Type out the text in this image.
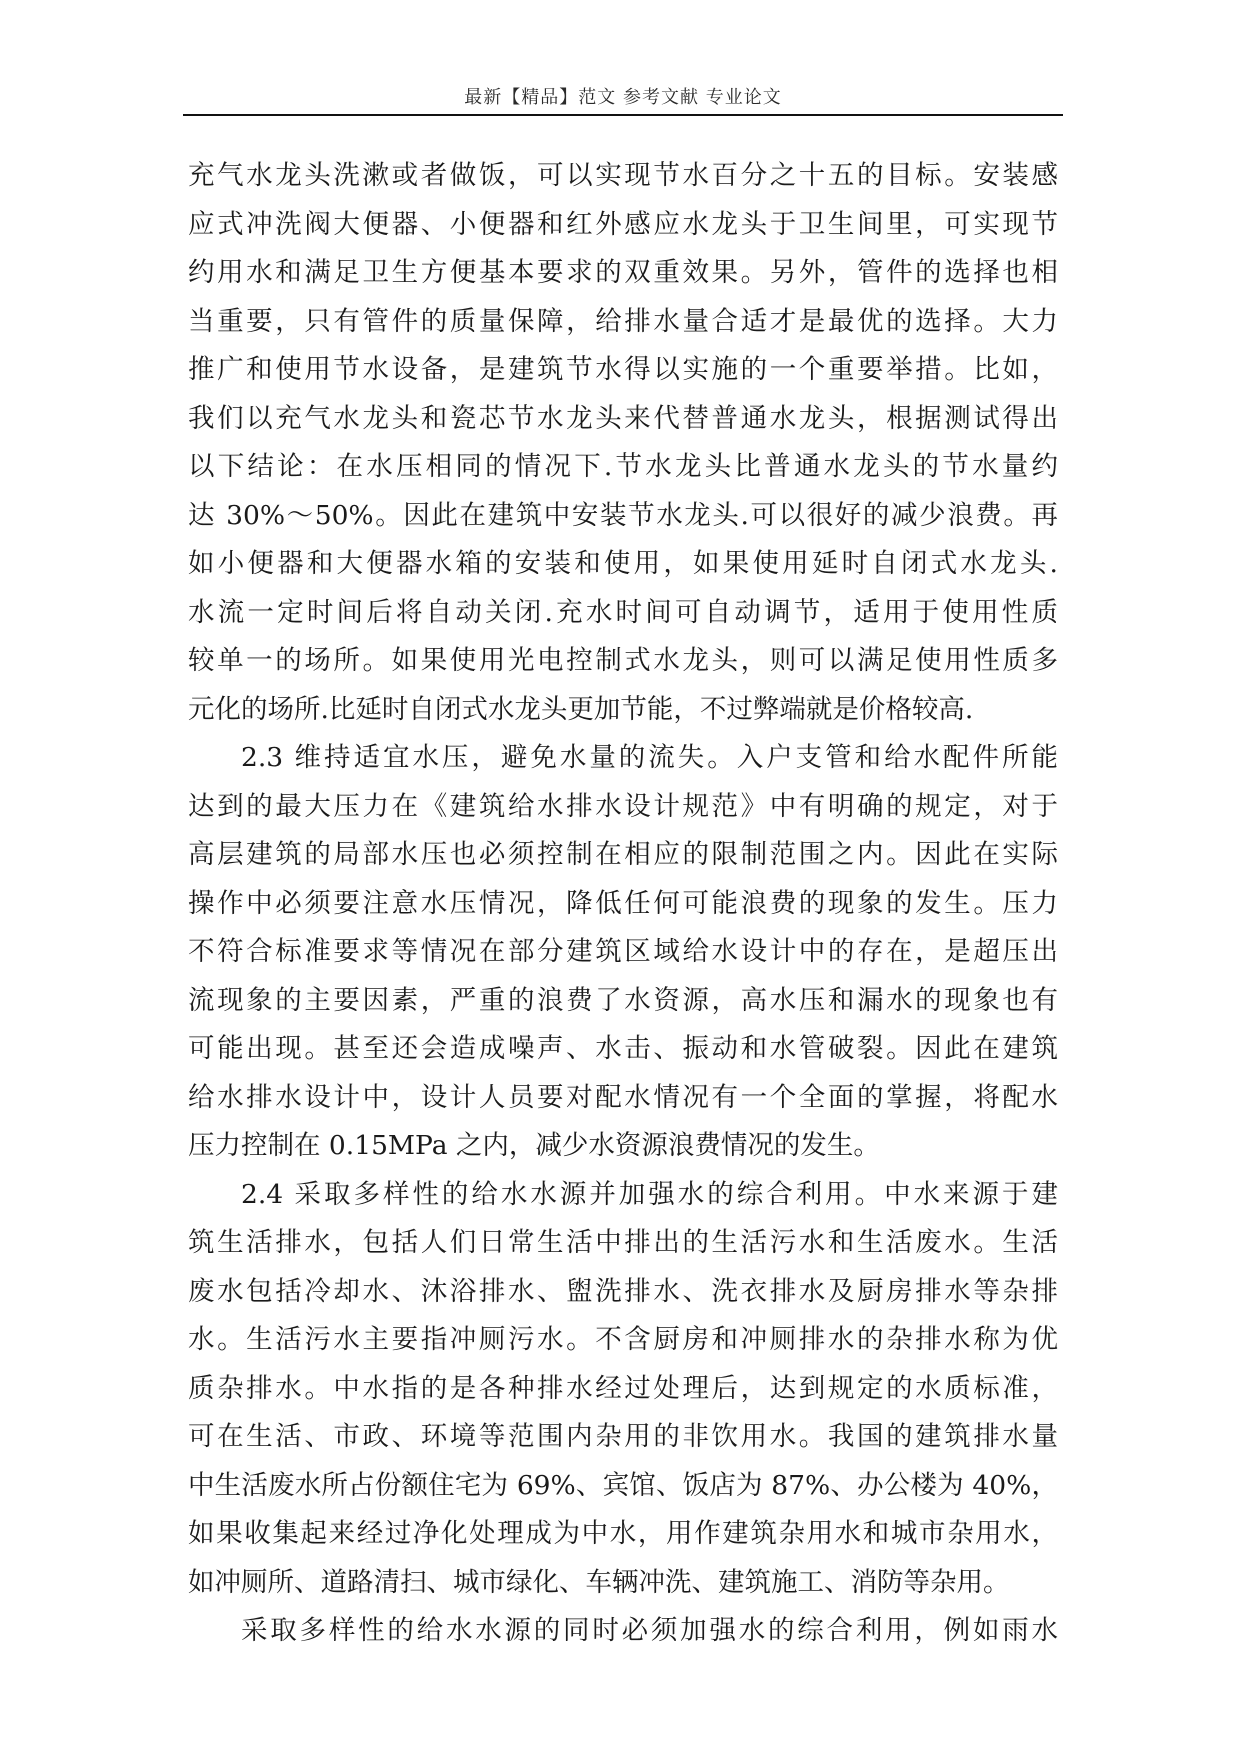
最新【精品】范文 参考文献 专业论文
充气水龙头洗漱或者做饭，可以实现节水百分之十五的目标。安装感
应式冲洗阀大便器、小便器和红外感应水龙头于卫生间里，可实现节
约用水和满足卫生方便基本要求的双重效果。另外，管件的选择也相
当重要，只有管件的质量保障，给排水量合适才是最优的选择。大力
推广和使用节水设备，是建筑节水得以实施的一个重要举措。比如，
我们以充气水龙头和瓷芯节水龙头来代替普通水龙头，根据测试得出
以下结论：在水压相同的情况下.节水龙头比普通水龙头的节水量约
达 30%～50%。因此在建筑中安装节水龙头.可以很好的减少浪费。再
如小便器和大便器水箱的安装和使用，如果使用延时自闭式水龙头.
水流一定时间后将自动关闭.充水时间可自动调节，适用于使用性质
较单一的场所。如果使用光电控制式水龙头，则可以满足使用性质多
元化的场所.比延时自闭式水龙头更加节能，不过弊端就是价格较高.
2.3 维持适宜水压，避免水量的流失。入户支管和给水配件所能
达到的最大压力在《建筑给水排水设计规范》中有明确的规定，对于
高层建筑的局部水压也必须控制在相应的限制范围之内。因此在实际
操作中必须要注意水压情况，降低任何可能浪费的现象的发生。压力
不符合标准要求等情况在部分建筑区域给水设计中的存在，是超压出
流现象的主要因素，严重的浪费了水资源，高水压和漏水的现象也有
可能出现。甚至还会造成噪声、水击、振动和水管破裂。因此在建筑
给水排水设计中，设计人员要对配水情况有一个全面的掌握，将配水
压力控制在 0.15MPa 之内，减少水资源浪费情况的发生。
2.4 采取多样性的给水水源并加强水的综合利用。中水来源于建
筑生活排水，包括人们日常生活中排出的生活污水和生活废水。生活
废水包括冷却水、沐浴排水、盥洗排水、洗衣排水及厨房排水等杂排
水。生活污水主要指冲厕污水。不含厨房和冲厕排水的杂排水称为优
质杂排水。中水指的是各种排水经过处理后，达到规定的水质标准，
可在生活、市政、环境等范围内杂用的非饮用水。我国的建筑排水量
中生活废水所占份额住宅为 69%、宾馆、饭店为 87%、办公楼为 40%，
如果收集起来经过净化处理成为中水，用作建筑杂用水和城市杂用水，
如冲厕所、道路清扫、城市绿化、车辆冲洗、建筑施工、消防等杂用。
采取多样性的给水水源的同时必须加强水的综合利用，例如雨水
